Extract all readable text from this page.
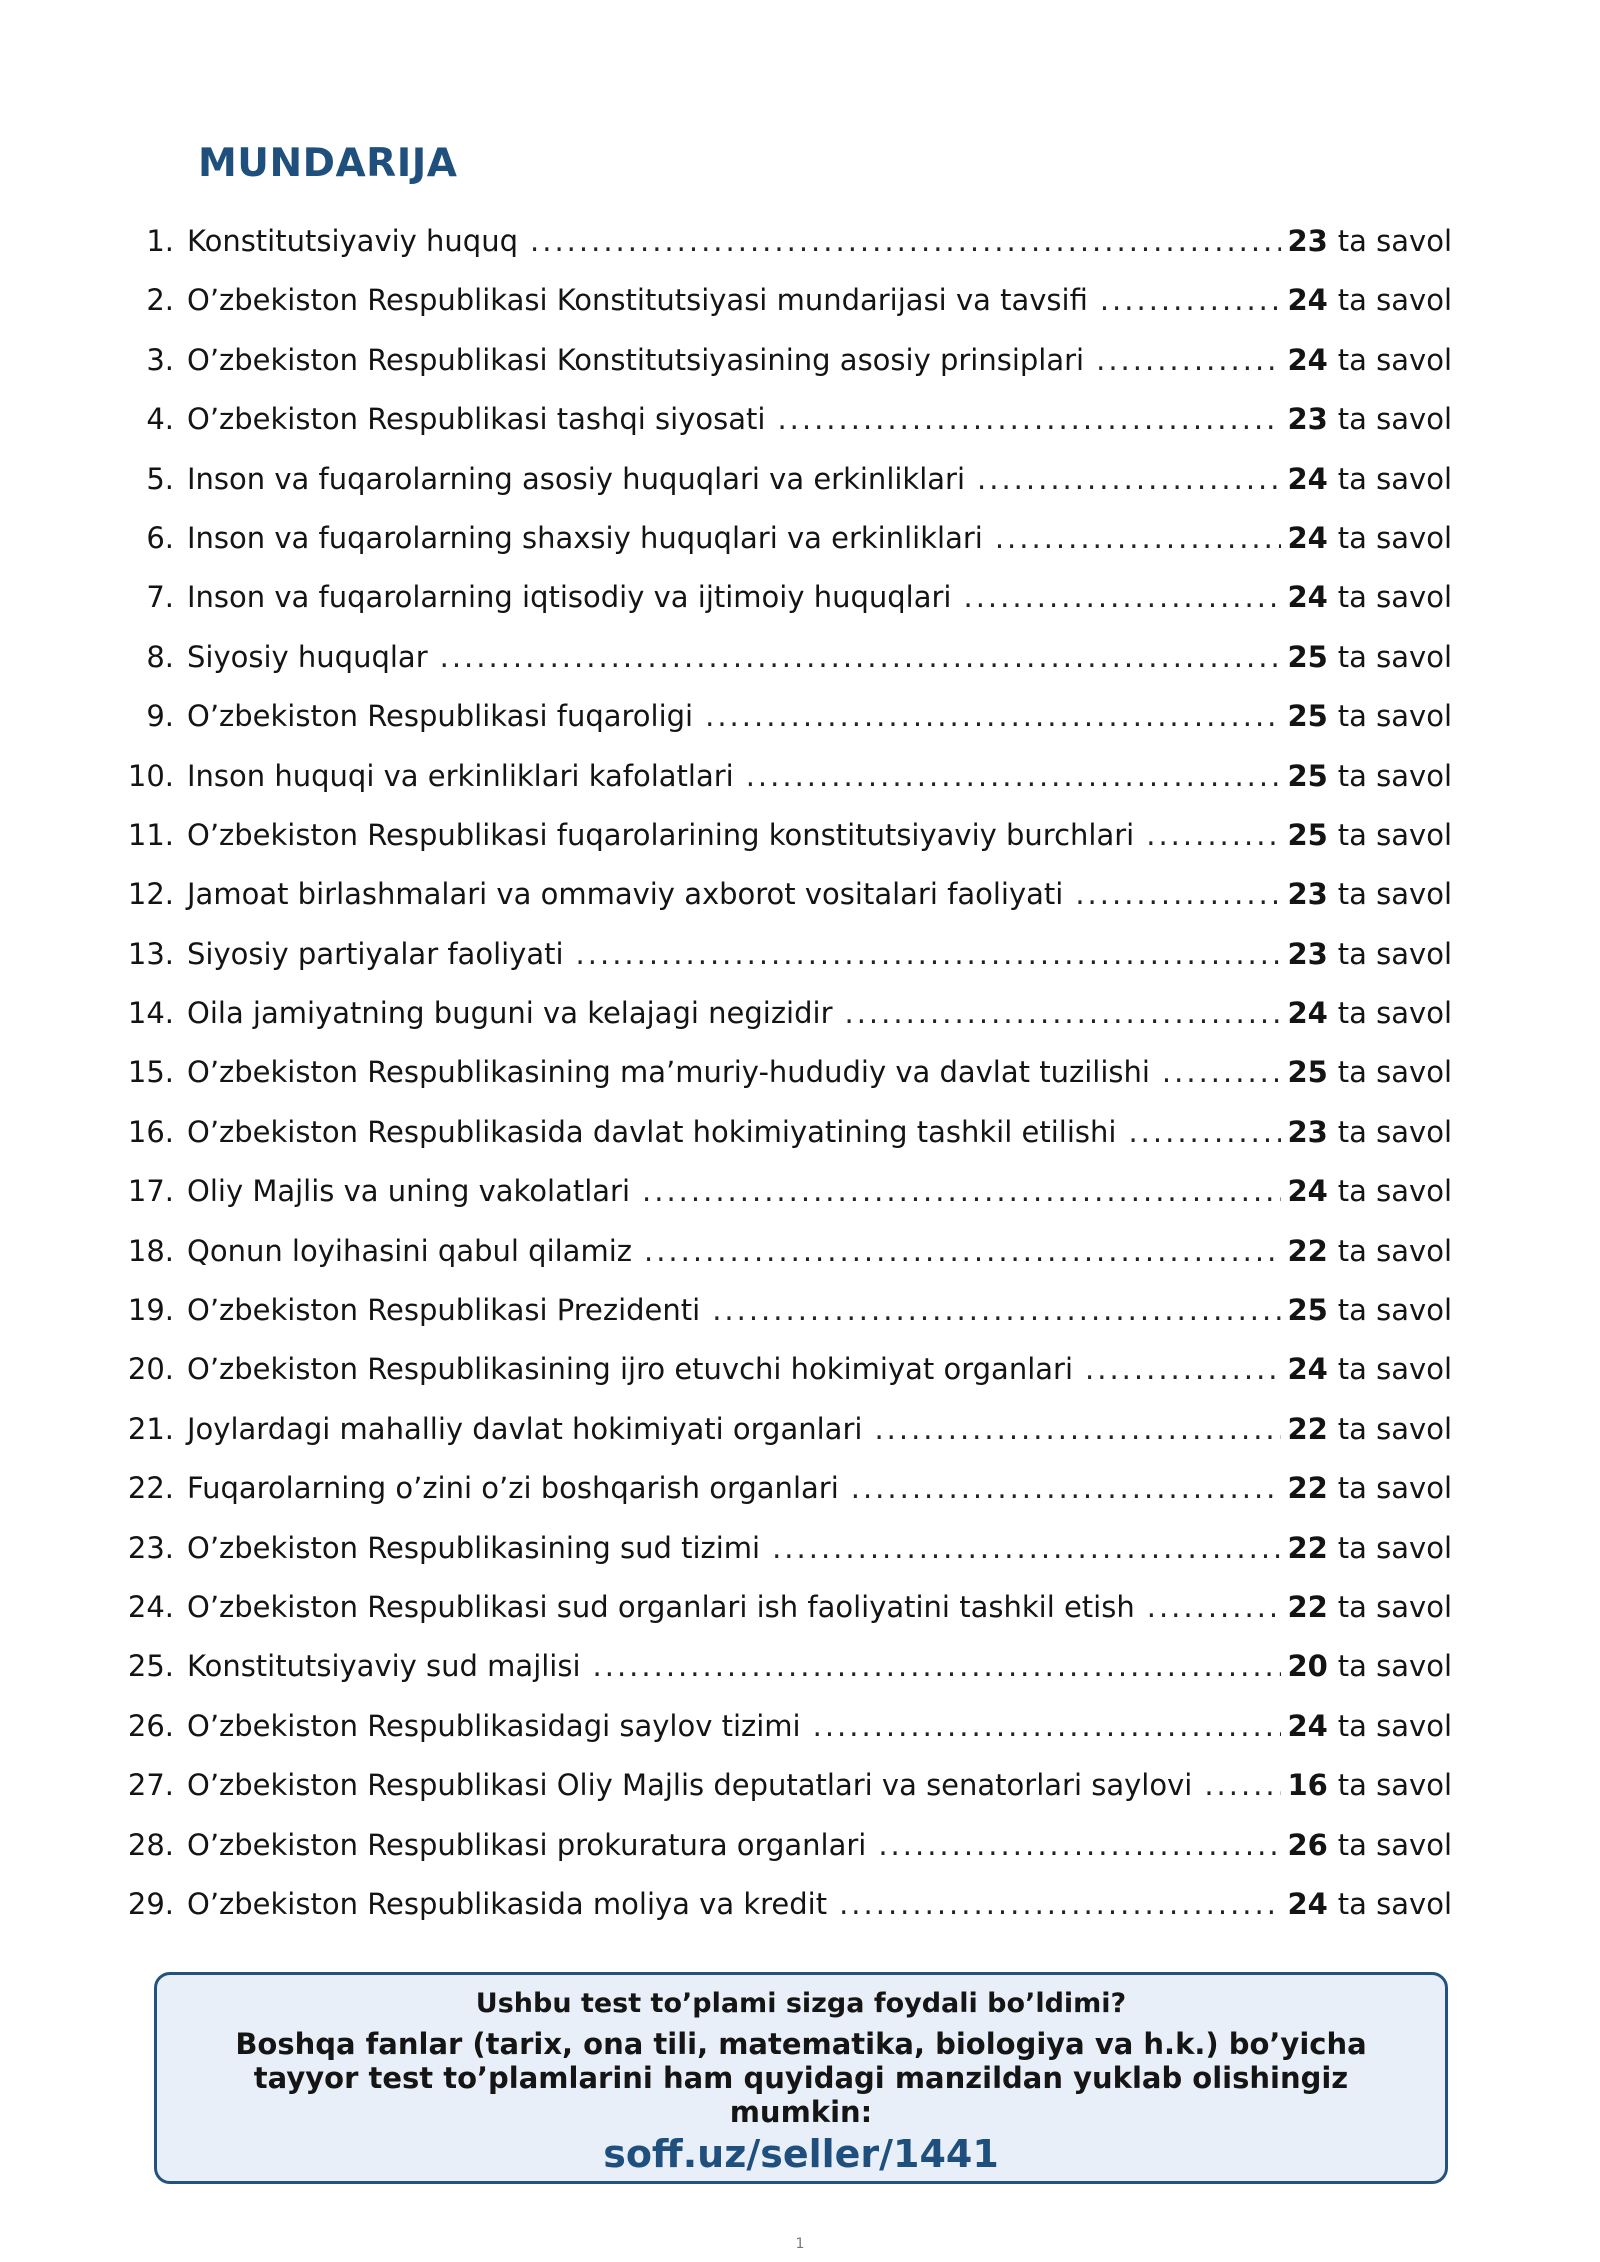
MUNDARIJA
1. Konstitutsiyaviy huquq .....	23 ta savol
2. O’zbekiston Respublikasi Konstitutsiyasi mundarijasi va tavsifi .....	24 ta savol
3. O’zbekiston Respublikasi Konstitutsiyasining asosiy prinsiplari .....	24 ta savol
4. O’zbekiston Respublikasi tashqi siyosati .....	23 ta savol
5. Inson va fuqarolarning asosiy huquqlari va erkinliklari .....	24 ta savol
6. Inson va fuqarolarning shaxsiy huquqlari va erkinliklari .....	24 ta savol
7. Inson va fuqarolarning iqtisodiy va ijtimoiy huquqlari .....	24 ta savol
8. Siyosiy huquqlar .....	25 ta savol
9. O’zbekiston Respublikasi fuqaroligi .....	25 ta savol
10. Inson huquqi va erkinliklari kafolatlari .....	25 ta savol
11. O’zbekiston Respublikasi fuqarolarining konstitutsiyaviy burchlari .....	25 ta savol
12. Jamoat birlashmalari va ommaviy axborot vositalari faoliyati .....	23 ta savol
13. Siyosiy partiyalar faoliyati .....	23 ta savol
14. Oila jamiyatning buguni va kelajagi negizidir .....	24 ta savol
15. O’zbekiston Respublikasining ma’muriy-hududiy va davlat tuzilishi .....	25 ta savol
16. O’zbekiston Respublikasida davlat hokimiyatining tashkil etilishi .....	23 ta savol
17. Oliy Majlis va uning vakolatlari .....	24 ta savol
18. Qonun loyihasini qabul qilamiz .....	22 ta savol
19. O’zbekiston Respublikasi Prezidenti .....	25 ta savol
20. O’zbekiston Respublikasining ijro etuvchi hokimiyat organlari .....	24 ta savol
21. Joylardagi mahalliy davlat hokimiyati organlari .....	22 ta savol
22. Fuqarolarning o’zini o’zi boshqarish organlari .....	22 ta savol
23. O’zbekiston Respublikasining sud tizimi .....	22 ta savol
24. O’zbekiston Respublikasi sud organlari ish faoliyatini tashkil etish .....	22 ta savol
25. Konstitutsiyaviy sud majlisi .....	20 ta savol
26. O’zbekiston Respublikasidagi saylov tizimi .....	24 ta savol
27. O’zbekiston Respublikasi Oliy Majlis deputatlari va senatorlari saylovi .....	16 ta savol
28. O’zbekiston Respublikasi prokuratura organlari .....	26 ta savol
29. O’zbekiston Respublikasida moliya va kredit .....	24 ta savol
Ushbu test to’plami sizga foydali bo’ldimi?
Boshqa fanlar (tarix, ona tili, matematika, biologiya va h.k.) bo’yicha tayyor test to’plamlarini ham quyidagi manzildan yuklab olishingiz mumkin:
soff.uz/seller/1441
1
